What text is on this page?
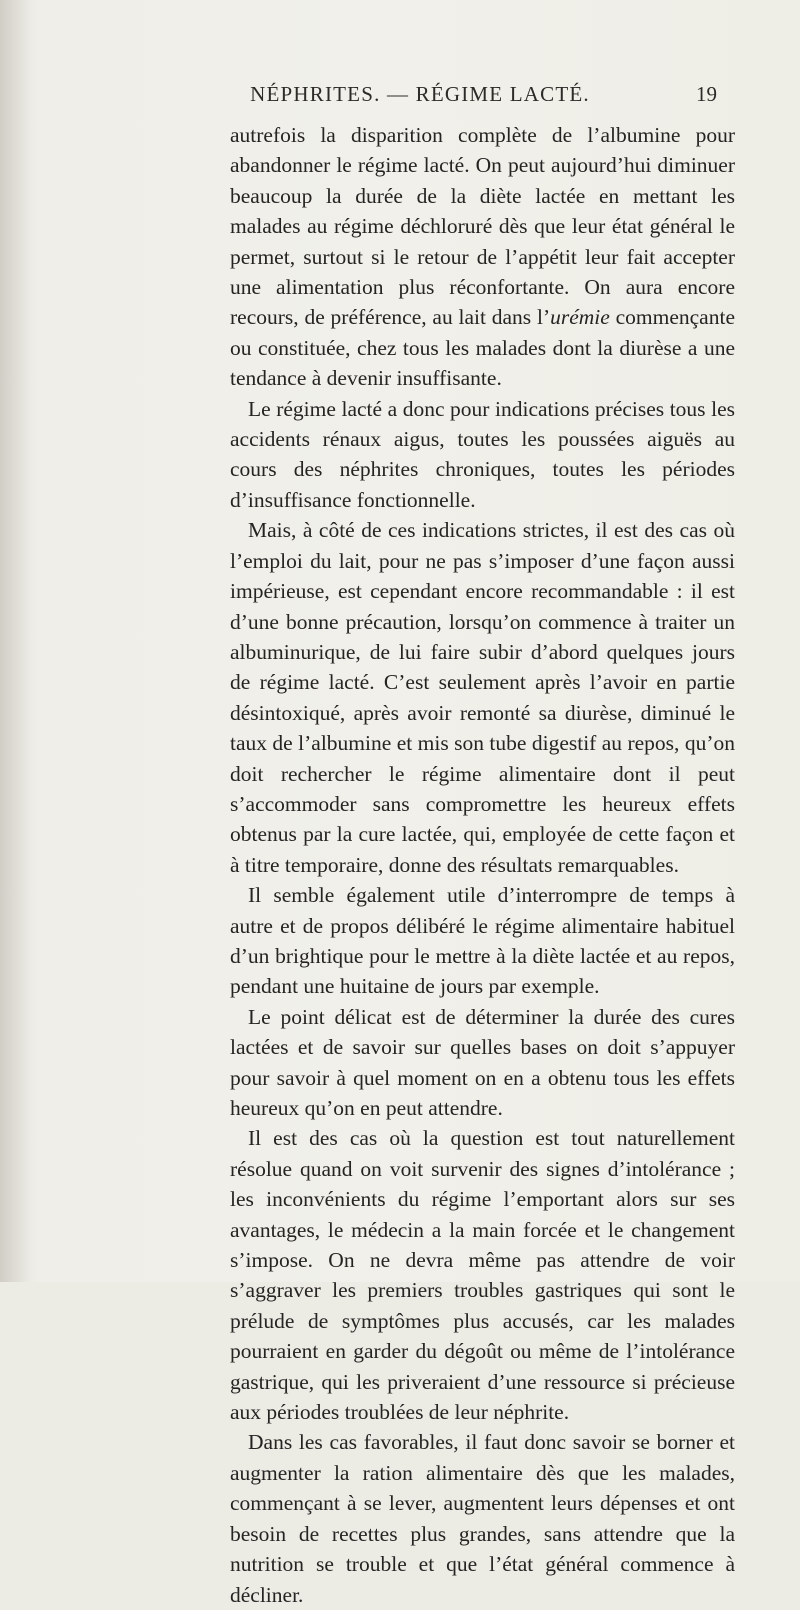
NÉPHRITES. — RÉGIME LACTÉ.	19

autrefois la disparition complète de l’albumine pour abandonner le régime lacté. On peut aujourd’hui diminuer beaucoup la durée de la diète lactée en mettant les malades au régime déchloruré dès que leur état général le permet, surtout si le retour de l’appétit leur fait accepter une alimentation plus réconfortante. On aura encore recours, de préférence, au lait dans l’urémie commençante ou constituée, chez tous les malades dont la diurèse a une tendance à devenir insuffisante.

Le régime lacté a donc pour indications précises tous les accidents rénaux aigus, toutes les poussées aiguës au cours des néphrites chroniques, toutes les périodes d’insuffisance fonctionnelle.

Mais, à côté de ces indications strictes, il est des cas où l’emploi du lait, pour ne pas s’imposer d’une façon aussi impérieuse, est cependant encore recommandable : il est d’une bonne précaution, lorsqu’on commence à traiter un albuminurique, de lui faire subir d’abord quelques jours de régime lacté. C’est seulement après l’avoir en partie désintoxiqué, après avoir remonté sa diurèse, diminué le taux de l’albumine et mis son tube digestif au repos, qu’on doit rechercher le régime alimentaire dont il peut s’accommoder sans compromettre les heureux effets obtenus par la cure lactée, qui, employée de cette façon et à titre temporaire, donne des résultats remarquables.

Il semble également utile d’interrompre de temps à autre et de propos délibéré le régime alimentaire habituel d’un brightique pour le mettre à la diète lactée et au repos, pendant une huitaine de jours par exemple.

Le point délicat est de déterminer la durée des cures lactées et de savoir sur quelles bases on doit s’appuyer pour savoir à quel moment on en a obtenu tous les effets heureux qu’on en peut attendre.

Il est des cas où la question est tout naturellement résolue quand on voit survenir des signes d’intolérance ; les inconvénients du régime l’emportant alors sur ses avantages, le médecin a la main forcée et le changement s’impose. On ne devra même pas attendre de voir s’aggraver les premiers troubles gastriques qui sont le prélude de symptômes plus accusés, car les malades pourraient en garder du dégoût ou même de l’intolérance gastrique, qui les priveraient d’une ressource si précieuse aux périodes troublées de leur néphrite.

Dans les cas favorables, il faut donc savoir se borner et augmenter la ration alimentaire dès que les malades, commençant à se lever, augmentent leurs dépenses et ont besoin de recettes plus grandes, sans attendre que la nutrition se trouble et que l’état général commence à décliner.
